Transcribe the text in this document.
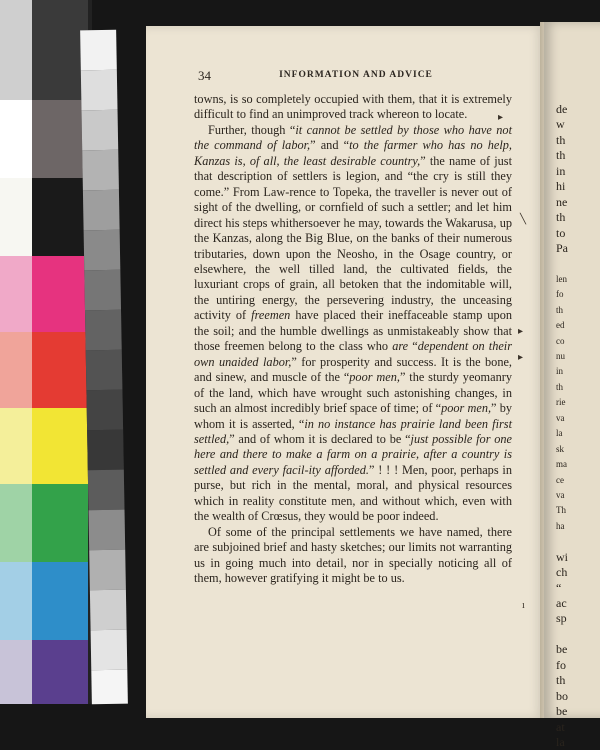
34	INFORMATION AND ADVICE

towns, is so completely occupied with them, that it is extremely difficult to find an unimproved track whereon to locate.

Further, though “it cannot be settled by those who have not the command of labor,” and “to the farmer who has no help, Kanzas is, of all, the least desirable country,” the name of just that description of settlers is legion, and “the cry is still they come.” From Law-rence to Topeka, the traveller is never out of sight of the dwelling, or cornfield of such a settler; and let him direct his steps whithersoever he may, towards the Wakarusa, up the Kanzas, along the Big Blue, on the banks of their numerous tributaries, down upon the Neosho, in the Osage country, or elsewhere, the well tilled land, the cultivated fields, the luxuriant crops of grain, all betoken that the indomitable will, the untiring energy, the persevering industry, the unceasing activity of freemen have placed their ineffaceable stamp upon the soil; and the humble dwellings as unmistakeably show that those freemen belong to the class who are “dependent on their own unaided labor,” for prosperity and success. It is the bone, and sinew, and muscle of the “poor men,” the sturdy yeomanry of the land, which have wrought such astonishing changes, in such an almost incredibly brief space of time; of “poor men,” by whom it is asserted, “in no instance has prairie land been first settled,” and of whom it is declared to be “just possible for one here and there to make a farm on a prairie, after a country is settled and every facil-ity afforded.” ! ! ! Men, poor, perhaps in purse, but rich in the mental, moral, and physical resources which in reality constitute men, and without which, even with the wealth of Crœsus, they would be poor indeed.

Of some of the principal settlements we have named, there are subjoined brief and hasty sketches; our limits not warranting us in going much into detail, nor in specially noticing all of them, however gratifying it might be to us.

▸
╲
▸
▸
ı
de
w
th
th
in
hi
ne
th
to
Pa
len
fo
th
ed
co
nu
in
th
rie
va
la
sk
ma
ce
va
Th
ha
wi
ch
“
ac
sp
be
fo
th
bo
be
at
la
